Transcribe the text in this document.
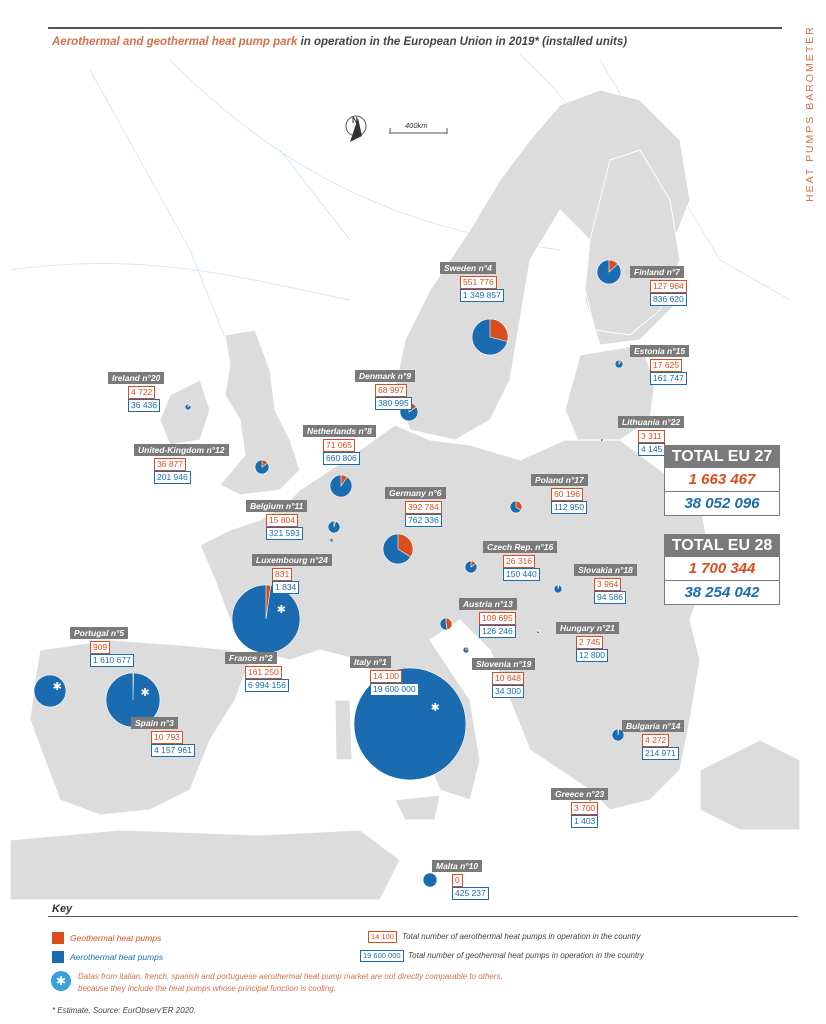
Aerothermal and geothermal heat pump park in operation in the European Union in 2019* (installed units)	HEAT PUMPS BAROMETER
N
400km
✱
✱
✱
✱
Sweden n°4
551 776
1 349 857
Finland n°7
127 964
836 620
Estonia n°15
17 625
161 747
Ireland n°20
4 722
36 436
Denmark n°9
68 997
380 995
Lithuania n°22
3 311
4 145
United-Kingdom n°12
36 877
201 946
Netherlands n°8
71 065
660 806
Poland n°17
60 196
112 950
Germany n°6
392 784
762 336
Belgium n°11
15 804
321 593
Czech Rep. n°16
26 316
150 440
Luxembourg n°24
831
1 834
Slovakia n°18
3 964
94 586
Austria n°13
109 695
126 246
Portugal n°5
909
1 610 677
Hungary n°21
2 745
12 800
France n°2
161 250
6 994 156
Italy n°1
14 100
19 600 000
Slovenia n°19
10 648
34 300
Spain n°3
10 793
4 157 961
Bulgaria n°14
4 272
214 971
Greece n°23
3 700
1 403
Malta n°10
0
425 237
TOTAL EU 27
1 663 467
38 052 096
TOTAL EU 28
1 700 344
38 254 042
Key
Geothermal heat pumps
Aerothermal heat pumps
14 100	Total number of aerothermal heat pumps in operation in the country
19 600 000 Total number of geothermal heat pumps in operation in the country
✱ Datas from italian, french, spanish and portuguese aerothermal heat pump market are not directly comparable to others,
because they include the heat pumps whose principal function is cooling.
* Estimate. Source: EurObserv'ER 2020.
